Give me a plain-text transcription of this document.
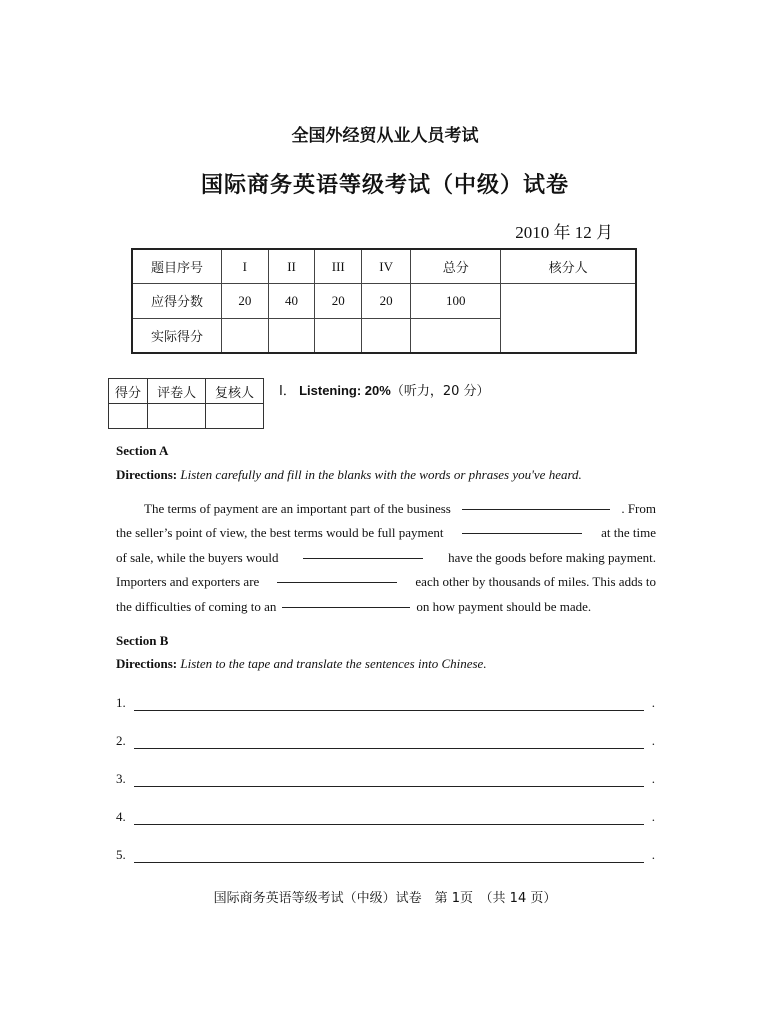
全国外经贸从业人员考试
国际商务英语等级考试（中级）试卷
2010 年 12 月
题目序号	I	II	III	IV	总分	核分人
应得分数	20	40	20	20	100	
实际得分						
得分	评卷人	复核人
		Ⅰ． Listening: 20%（听力，20 分）
Section A
Directions: Listen carefully and fill in the blanks with the words or phrases you've heard.
The terms of payment are an important part of the business	. From
the seller’s point of view, the best terms would be full payment	at the time
of sale, while the buyers would	have the goods before making payment.
Importers and exporters are	each other by thousands of miles. This adds to
the difficulties of coming to an	on how payment should be made.
Section B
Directions: Listen to the tape and translate the sentences into Chinese.
1.	.
2.	.
3.	.
4.	.
5.	.
国际商务英语等级考试（中级）试卷　第 1页　（共 14 页）
